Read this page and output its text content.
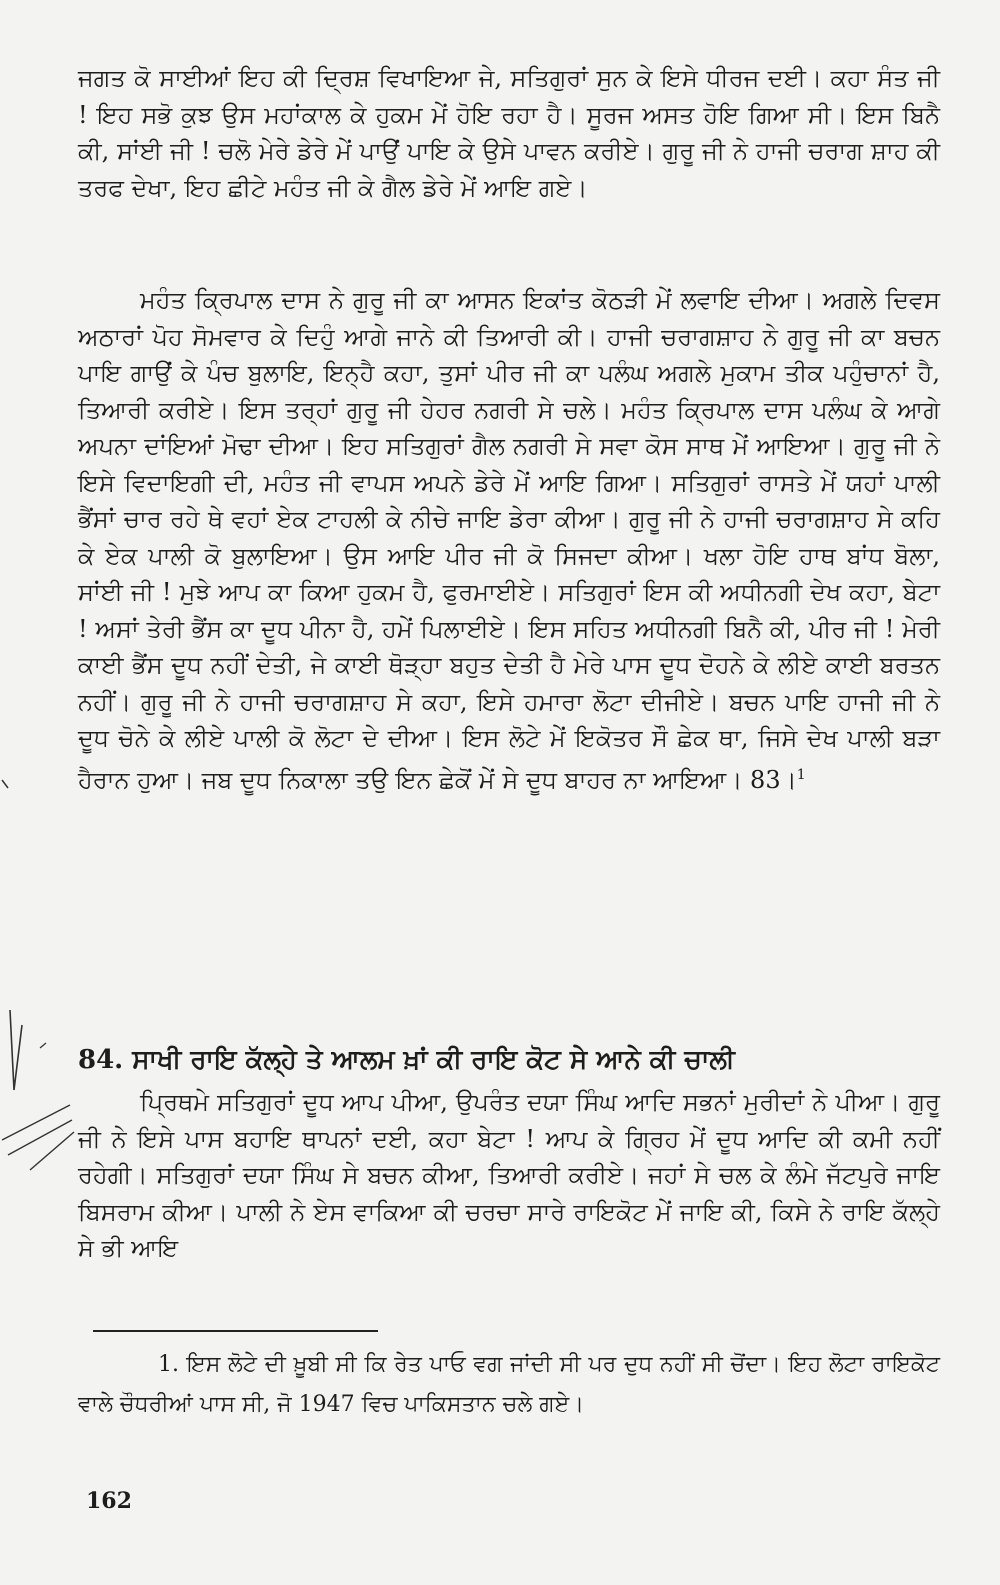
ਜਗਤ ਕੋ ਸਾਈਆਂ ਇਹ ਕੀ ਦ੍ਰਿਸ਼ ਵਿਖਾਇਆ ਜੇ, ਸਤਿਗੁਰਾਂ ਸੁਨ ਕੇ ਇਸੇ ਧੀਰਜ ਦਈ। ਕਹਾ ਸੰਤ ਜੀ ! ਇਹ ਸਭੋ ਕੁਝ ਉਸ ਮਹਾਂਕਾਲ ਕੇ ਹੁਕਮ ਮੇਂ ਹੋਇ ਰਹਾ ਹੈ। ਸੂਰਜ ਅਸਤ ਹੋਇ ਗਿਆ ਸੀ। ਇਸ ਬਿਨੈ ਕੀ, ਸਾਂਈ ਜੀ ! ਚਲੋ ਮੇਰੇ ਡੇਰੇ ਮੇਂ ਪਾਉਂ ਪਾਇ ਕੇ ਉਸੇ ਪਾਵਨ ਕਰੀਏ। ਗੁਰੂ ਜੀ ਨੇ ਹਾਜੀ ਚਰਾਗ ਸ਼ਾਹ ਕੀ ਤਰਫ ਦੇਖਾ, ਇਹ ਛੀਟੇ ਮਹੰਤ ਜੀ ਕੇ ਗੈਲ ਡੇਰੇ ਮੇਂ ਆਇ ਗਏ।

ਮਹੰਤ ਕ੍ਰਿਪਾਲ ਦਾਸ ਨੇ ਗੁਰੂ ਜੀ ਕਾ ਆਸਨ ਇਕਾਂਤ ਕੋਠੜੀ ਮੇਂ ਲਵਾਇ ਦੀਆ। ਅਗਲੇ ਦਿਵਸ ਅਠਾਰਾਂ ਪੋਹ ਸੋਮਵਾਰ ਕੇ ਦਿਹੁੰ ਆਗੇ ਜਾਨੇ ਕੀ ਤਿਆਰੀ ਕੀ। ਹਾਜੀ ਚਰਾਗਸ਼ਾਹ ਨੇ ਗੁਰੂ ਜੀ ਕਾ ਬਚਨ ਪਾਇ ਗਾਉਂ ਕੇ ਪੰਚ ਬੁਲਾਇ, ਇਨ੍ਹੈ ਕਹਾ, ਤੁਸਾਂ ਪੀਰ ਜੀ ਕਾ ਪਲੰਘ ਅਗਲੇ ਮੁਕਾਮ ਤੀਕ ਪਹੁੰਚਾਨਾਂ ਹੈ, ਤਿਆਰੀ ਕਰੀਏ। ਇਸ ਤਰ੍ਹਾਂ ਗੁਰੂ ਜੀ ਹੇਹਰ ਨਗਰੀ ਸੇ ਚਲੇ। ਮਹੰਤ ਕ੍ਰਿਪਾਲ ਦਾਸ ਪਲੰਘ ਕੇ ਆਗੇ ਅਪਨਾ ਦਾਂਇਆਂ ਮੋਢਾ ਦੀਆ। ਇਹ ਸਤਿਗੁਰਾਂ ਗੈਲ ਨਗਰੀ ਸੇ ਸਵਾ ਕੋਸ ਸਾਥ ਮੇਂ ਆਇਆ। ਗੁਰੂ ਜੀ ਨੇ ਇਸੇ ਵਿਦਾਇਗੀ ਦੀ, ਮਹੰਤ ਜੀ ਵਾਪਸ ਅਪਨੇ ਡੇਰੇ ਮੇਂ ਆਇ ਗਿਆ। ਸਤਿਗੁਰਾਂ ਰਾਸਤੇ ਮੇਂ ਯਹਾਂ ਪਾਲੀ ਭੈਂਸਾਂ ਚਾਰ ਰਹੇ ਥੇ ਵਹਾਂ ਏਕ ਟਾਹਲੀ ਕੇ ਨੀਚੇ ਜਾਇ ਡੇਰਾ ਕੀਆ। ਗੁਰੂ ਜੀ ਨੇ ਹਾਜੀ ਚਰਾਗਸ਼ਾਹ ਸੇ ਕਹਿ ਕੇ ਏਕ ਪਾਲੀ ਕੋ ਬੁਲਾਇਆ। ਉਸ ਆਇ ਪੀਰ ਜੀ ਕੋ ਸਿਜਦਾ ਕੀਆ। ਖਲਾ ਹੋਇ ਹਾਥ ਬਾਂਧ ਬੋਲਾ, ਸਾਂਈ ਜੀ ! ਮੁਝੇ ਆਪ ਕਾ ਕਿਆ ਹੁਕਮ ਹੈ, ਫੁਰਮਾਈਏ। ਸਤਿਗੁਰਾਂ ਇਸ ਕੀ ਅਧੀਨਗੀ ਦੇਖ ਕਹਾ, ਬੇਟਾ ! ਅਸਾਂ ਤੇਰੀ ਭੈਂਸ ਕਾ ਦੂਧ ਪੀਨਾ ਹੈ, ਹਮੇਂ ਪਿਲਾਈਏ। ਇਸ ਸਹਿਤ ਅਧੀਨਗੀ ਬਿਨੈ ਕੀ, ਪੀਰ ਜੀ ! ਮੇਰੀ ਕਾਈ ਭੈਂਸ ਦੂਧ ਨਹੀਂ ਦੇਤੀ, ਜੇ ਕਾਈ ਥੋੜ੍ਹਾ ਬਹੁਤ ਦੇਤੀ ਹੈ ਮੇਰੇ ਪਾਸ ਦੂਧ ਦੋਹਨੇ ਕੇ ਲੀਏ ਕਾਈ ਬਰਤਨ ਨਹੀਂ। ਗੁਰੂ ਜੀ ਨੇ ਹਾਜੀ ਚਰਾਗਸ਼ਾਹ ਸੇ ਕਹਾ, ਇਸੇ ਹਮਾਰਾ ਲੋਟਾ ਦੀਜੀਏ। ਬਚਨ ਪਾਇ ਹਾਜੀ ਜੀ ਨੇ ਦੂਧ ਚੋਨੇ ਕੇ ਲੀਏ ਪਾਲੀ ਕੋ ਲੋਟਾ ਦੇ ਦੀਆ। ਇਸ ਲੋਟੇ ਮੇਂ ਇਕੋਤਰ ਸੌ ਛੇਕ ਥਾ, ਜਿਸੇ ਦੇਖ ਪਾਲੀ ਬੜਾ ਹੈਰਾਨ ਹੁਆ। ਜਬ ਦੂਧ ਨਿਕਾਲਾ ਤਉ ਇਨ ਛੇਕੋਂ ਮੇਂ ਸੇ ਦੂਧ ਬਾਹਰ ਨਾ ਆਇਆ। 83।$^1$

84. ਸਾਖੀ ਰਾਇ ਕੱਲ੍ਹੇ ਤੇ ਆਲਮ ਖ਼ਾਂ ਕੀ ਰਾਇ ਕੋਟ ਸੇ ਆਨੇ ਕੀ ਚਾਲੀ

ਪ੍ਰਿਥਮੇ ਸਤਿਗੁਰਾਂ ਦੂਧ ਆਪ ਪੀਆ, ਉਪਰੰਤ ਦਯਾ ਸਿੰਘ ਆਦਿ ਸਭਨਾਂ ਮੁਰੀਦਾਂ ਨੇ ਪੀਆ। ਗੁਰੂ ਜੀ ਨੇ ਇਸੇ ਪਾਸ ਬਹਾਇ ਥਾਪਨਾਂ ਦਈ, ਕਹਾ ਬੇਟਾ ! ਆਪ ਕੇ ਗ੍ਰਿਹ ਮੇਂ ਦੂਧ ਆਦਿ ਕੀ ਕਮੀ ਨਹੀਂ ਰਹੇਗੀ। ਸਤਿਗੁਰਾਂ ਦਯਾ ਸਿੰਘ ਸੇ ਬਚਨ ਕੀਆ, ਤਿਆਰੀ ਕਰੀਏ। ਜਹਾਂ ਸੇ ਚਲ ਕੇ ਲੰਮੇ ਜੱਟਪੁਰੇ ਜਾਇ ਬਿਸਰਾਮ ਕੀਆ। ਪਾਲੀ ਨੇ ਏਸ ਵਾਕਿਆ ਕੀ ਚਰਚਾ ਸਾਰੇ ਰਾਇਕੋਟ ਮੇਂ ਜਾਇ ਕੀ, ਕਿਸੇ ਨੇ ਰਾਇ ਕੱਲ੍ਹੇ ਸੇ ਭੀ ਆਇ

1. ਇਸ ਲੋਟੇ ਦੀ ਖ਼ੂਬੀ ਸੀ ਕਿ ਰੇਤ ਪਾਓ ਵਗ ਜਾਂਦੀ ਸੀ ਪਰ ਦੁਧ ਨਹੀਂ ਸੀ ਚੋਂਦਾ। ਇਹ ਲੋਟਾ ਰਾਇਕੋਟ ਵਾਲੇ ਚੌਧਰੀਆਂ ਪਾਸ ਸੀ, ਜੋ 1947 ਵਿਚ ਪਾਕਿਸਤਾਨ ਚਲੇ ਗਏ।

162
